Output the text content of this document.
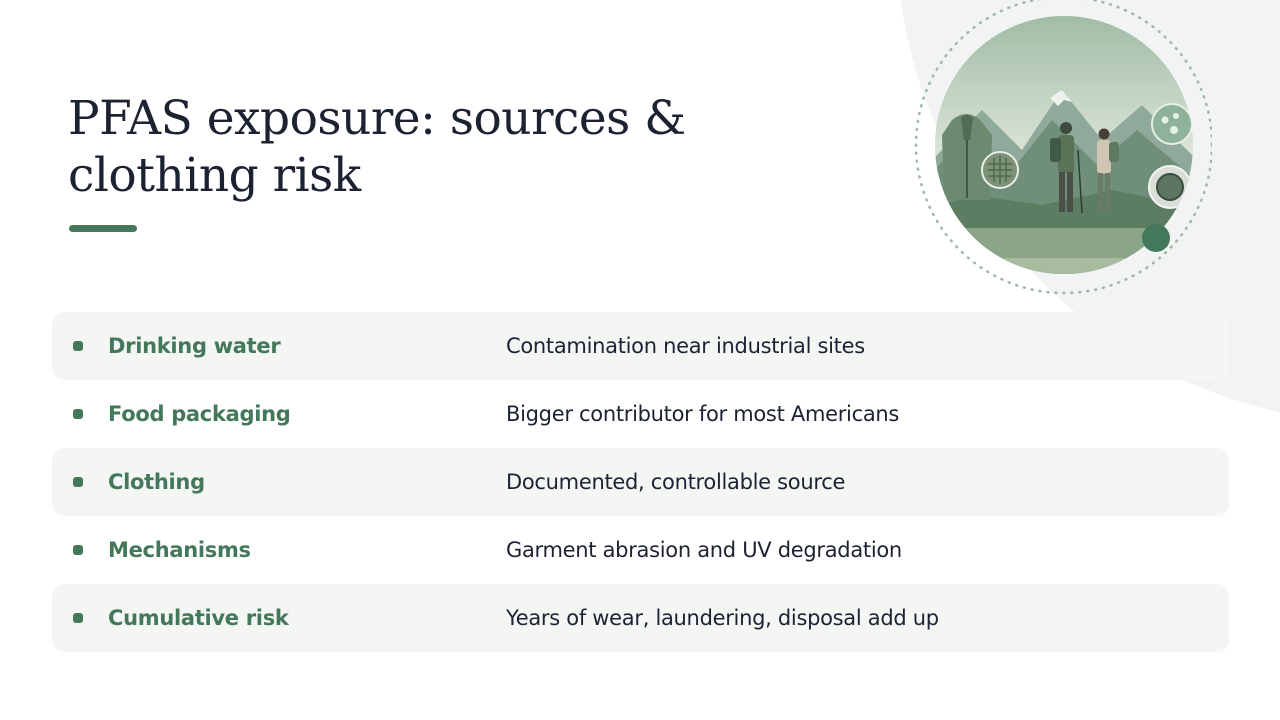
PFAS exposure: sources & clothing risk
Drinking water	Contamination near industrial sites
Food packaging	Bigger contributor for most Americans
Clothing	Documented, controllable source
Mechanisms	Garment abrasion and UV degradation
Cumulative risk	Years of wear, laundering, disposal add up
